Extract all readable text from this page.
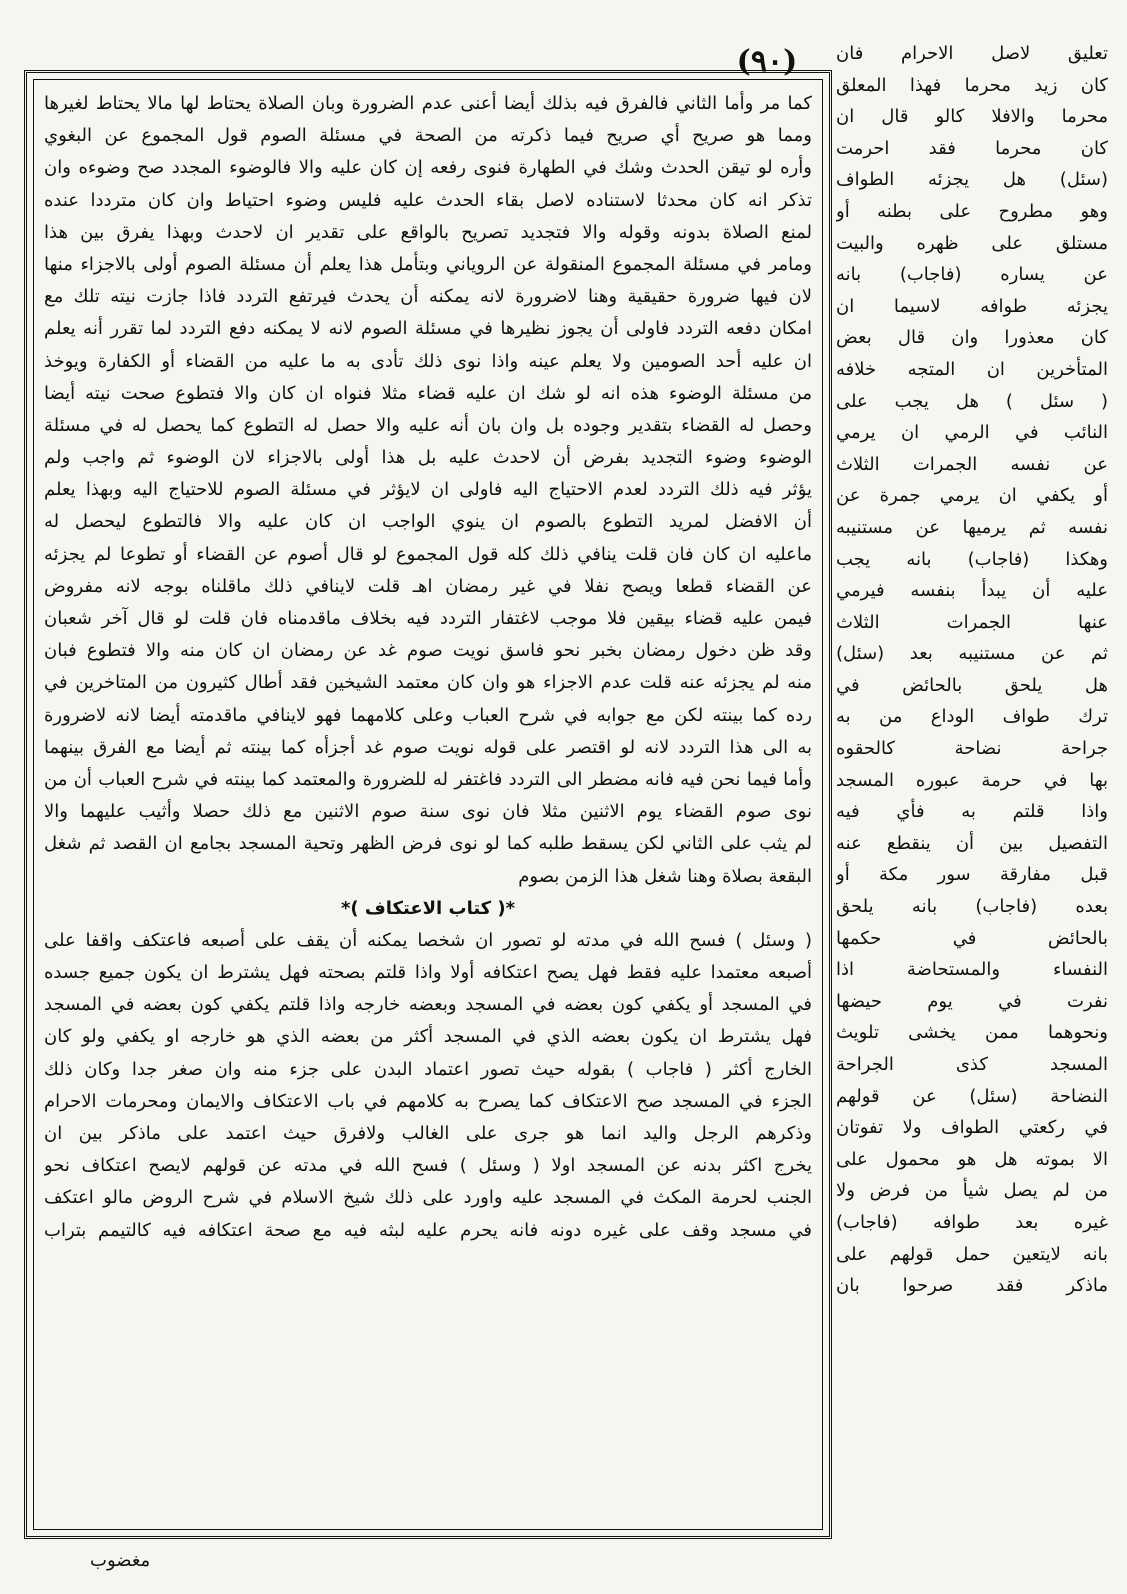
(٩٠)
كما مر وأما الثاني فالفرق فيه بذلك أيضا أعنى عدم الضرورة وبان الصلاة يحتاط لها مالا يحتاط لغيرها
ومما هو صريح أي صريح فيما ذكرته من الصحة في مسئلة الصوم قول المجموع عن البغوي
وأره لو تيقن الحدث وشك في الطهارة فنوى رفعه إن كان عليه والا فالوضوء المجدد صح وضوءه وان
تذكر انه كان محدثا لاستناده لاصل بقاء الحدث عليه فليس وضوء احتياط وان كان مترددا عنده
لمنع الصلاة بدونه وقوله والا فتجديد تصريح بالواقع على تقدير ان لاحدث وبهذا يفرق بين هذا
ومامر في مسئلة المجموع المنقولة عن الروياني وبتأمل هذا يعلم أن مسئلة الصوم أولى بالاجزاء منها
لان فيها ضرورة حقيقية وهنا لاضرورة لانه يمكنه أن يحدث فيرتفع التردد فاذا جازت نيته تلك مع
امكان دفعه التردد فاولى أن يجوز نظيرها في مسئلة الصوم لانه لا يمكنه دفع التردد لما تقرر أنه يعلم
ان عليه أحد الصومين ولا يعلم عينه واذا نوى ذلك تأدى به ما عليه من القضاء أو الكفارة ويوخذ
من مسئلة الوضوء هذه انه لو شك ان عليه قضاء مثلا فنواه ان كان والا فتطوع صحت نيته أيضا
وحصل له القضاء بتقدير وجوده بل وان بان أنه عليه والا حصل له التطوع كما يحصل له في مسئلة
الوضوء وضوء التجديد بفرض أن لاحدث عليه بل هذا أولى بالاجزاء لان الوضوء ثم واجب ولم
يؤثر فيه ذلك التردد لعدم الاحتياج اليه فاولى ان لايؤثر في مسئلة الصوم للاحتياج اليه وبهذا يعلم
أن الافضل لمريد التطوع بالصوم ان ينوي الواجب ان كان عليه والا فالتطوع ليحصل له
ماعليه ان كان فان قلت ينافي ذلك كله قول المجموع لو قال أصوم عن القضاء أو تطوعا لم يجزئه
عن القضاء قطعا ويصح نفلا في غير رمضان اهـ قلت لاينافي ذلك ماقلناه بوجه لانه مفروض
فيمن عليه قضاء بيقين فلا موجب لاغتفار التردد فيه بخلاف ماقدمناه فان قلت لو قال آخر شعبان
وقد ظن دخول رمضان بخبر نحو فاسق نويت صوم غد عن رمضان ان كان منه والا فتطوع فبان
منه لم يجزئه عنه قلت عدم الاجزاء هو وان كان معتمد الشيخين فقد أطال كثيرون من المتاخرين في
رده كما بينته لكن مع جوابه في شرح العباب وعلى كلامهما فهو لاينافي ماقدمته أيضا لانه لاضرورة
به الى هذا التردد لانه لو اقتصر على قوله نويت صوم غد أجزأه كما بينته ثم أيضا مع الفرق بينهما
وأما فيما نحن فيه فانه مضطر الى التردد فاغتفر له للضرورة والمعتمد كما بينته في شرح العباب أن من
نوى صوم القضاء يوم الاثنين مثلا فان نوى سنة صوم الاثنين مع ذلك حصلا وأثيب عليهما والا
لم يثب على الثاني لكن يسقط طلبه كما لو نوى فرض الظهر وتحية المسجد بجامع ان القصد ثم شغل
البقعة بصلاة وهنا شغل هذا الزمن بصوم
*( كتاب الاعتكاف )*
( وسئل ) فسح الله في مدته لو تصور ان شخصا يمكنه أن يقف على أصبعه فاعتكف واقفا على
أصبعه معتمدا عليه فقط فهل يصح اعتكافه أولا واذا قلتم بصحته فهل يشترط ان يكون جميع جسده
في المسجد أو يكفي كون بعضه في المسجد وبعضه خارجه واذا قلتم يكفي كون بعضه في المسجد
فهل يشترط ان يكون بعضه الذي في المسجد أكثر من بعضه الذي هو خارجه او يكفي ولو كان
الخارج أكثر ( فاجاب ) بقوله حيث تصور اعتماد البدن على جزء منه وان صغر جدا وكان ذلك
الجزء في المسجد صح الاعتكاف كما يصرح به كلامهم في باب الاعتكاف والايمان ومحرمات الاحرام
وذكرهم الرجل واليد انما هو جرى على الغالب ولافرق حيث اعتمد على ماذكر بين ان
يخرج اكثر بدنه عن المسجد اولا ( وسئل ) فسح الله في مدته عن قولهم لايصح اعتكاف نحو
الجنب لحرمة المكث في المسجد عليه واورد على ذلك شيخ الاسلام في شرح الروض مالو اعتكف
في مسجد وقف على غيره دونه فانه يحرم عليه لبثه فيه مع صحة اعتكافه فيه كالتيمم بتراب
تعليق لاصل الاحرام فان
كان زيد محرما فهذا المعلق
محرما والافلا كالو قال ان
كان محرما فقد احرمت
(سئل) هل يجزئه الطواف
وهو مطروح على بطنه أو
مستلق على ظهره والبيت
عن يساره (فاجاب) بانه
يجزئه طوافه لاسيما ان
كان معذورا وان قال بعض
المتأخرين ان المتجه خلافه
( سئل ) هل يجب على
النائب في الرمي ان يرمي
عن نفسه الجمرات الثلاث
أو يكفي ان يرمي جمرة عن
نفسه ثم يرميها عن مستنيبه
وهكذا (فاجاب) بانه يجب
عليه أن يبدأ بنفسه فيرمي
عنها الجمرات الثلاث
ثم عن مستنيبه بعد (سئل)
هل يلحق بالحائض في
ترك طواف الوداع من به
جراحة نضاحة كالحقوه
بها في حرمة عبوره المسجد
واذا قلتم به فأي فيه
التفصيل بين أن ينقطع عنه
قبل مفارقة سور مكة أو
بعده (فاجاب) بانه يلحق
بالحائض في حكمها
النفساء والمستحاضة اذا
نفرت في يوم حيضها
ونحوهما ممن يخشى تلويث
المسجد كذى الجراحة
النضاحة (سئل) عن قولهم
في ركعتي الطواف ولا تفوتان
الا بموته هل هو محمول على
من لم يصل شيأ من فرض ولا
غيره بعد طوافه (فاجاب)
بانه لايتعين حمل قولهم على
ماذكر فقد صرحوا بان
مغضوب
